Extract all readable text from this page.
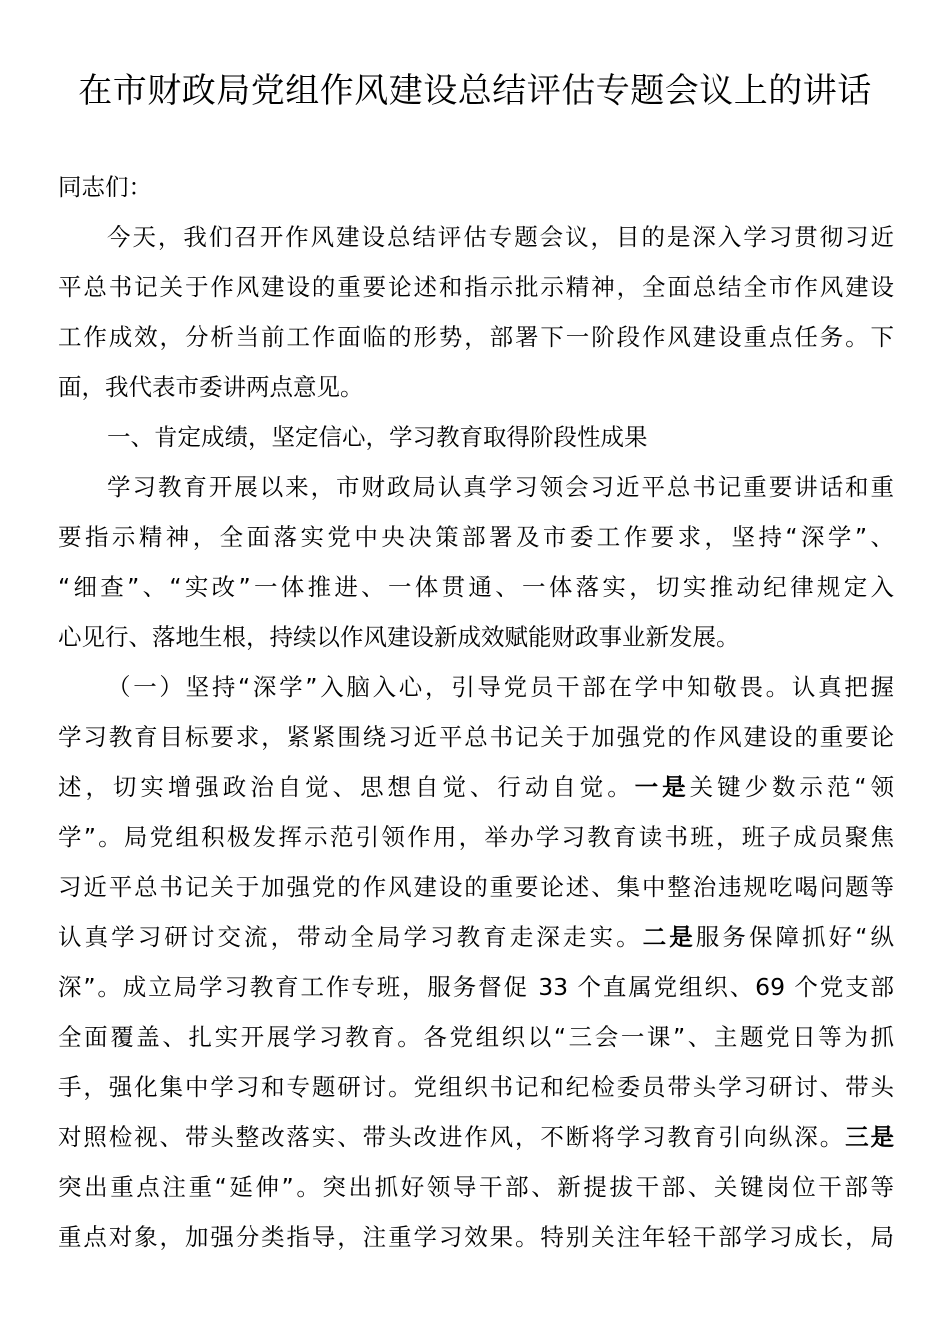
在市财政局党组作风建设总结评估专题会议上的讲话
同志们：
今天，我们召开作风建设总结评估专题会议，目的是深入学习贯彻习近
平总书记关于作风建设的重要论述和指示批示精神，全面总结全市作风建设
工作成效，分析当前工作面临的形势，部署下一阶段作风建设重点任务。下
面，我代表市委讲两点意见。
一、肯定成绩，坚定信心，学习教育取得阶段性成果
学习教育开展以来，市财政局认真学习领会习近平总书记重要讲话和重
要指示精神，全面落实党中央决策部署及市委工作要求，坚持“深学”、
“细查”、“实改”一体推进、一体贯通、一体落实，切实推动纪律规定入
心见行、落地生根，持续以作风建设新成效赋能财政事业新发展。
（一）坚持“深学”入脑入心，引导党员干部在学中知敬畏。认真把握
学习教育目标要求，紧紧围绕习近平总书记关于加强党的作风建设的重要论
述，切实增强政治自觉、思想自觉、行动自觉。一是关键少数示范“领
学”。局党组积极发挥示范引领作用，举办学习教育读书班，班子成员聚焦
习近平总书记关于加强党的作风建设的重要论述、集中整治违规吃喝问题等
认真学习研讨交流，带动全局学习教育走深走实。二是服务保障抓好“纵
深”。成立局学习教育工作专班，服务督促 33 个直属党组织、69 个党支部
全面覆盖、扎实开展学习教育。各党组织以“三会一课”、主题党日等为抓
手，强化集中学习和专题研讨。党组织书记和纪检委员带头学习研讨、带头
对照检视、带头整改落实、带头改进作风，不断将学习教育引向纵深。三是
突出重点注重“延伸”。突出抓好领导干部、新提拔干部、关键岗位干部等
重点对象，加强分类指导，注重学习效果。特别关注年轻干部学习成长，局
